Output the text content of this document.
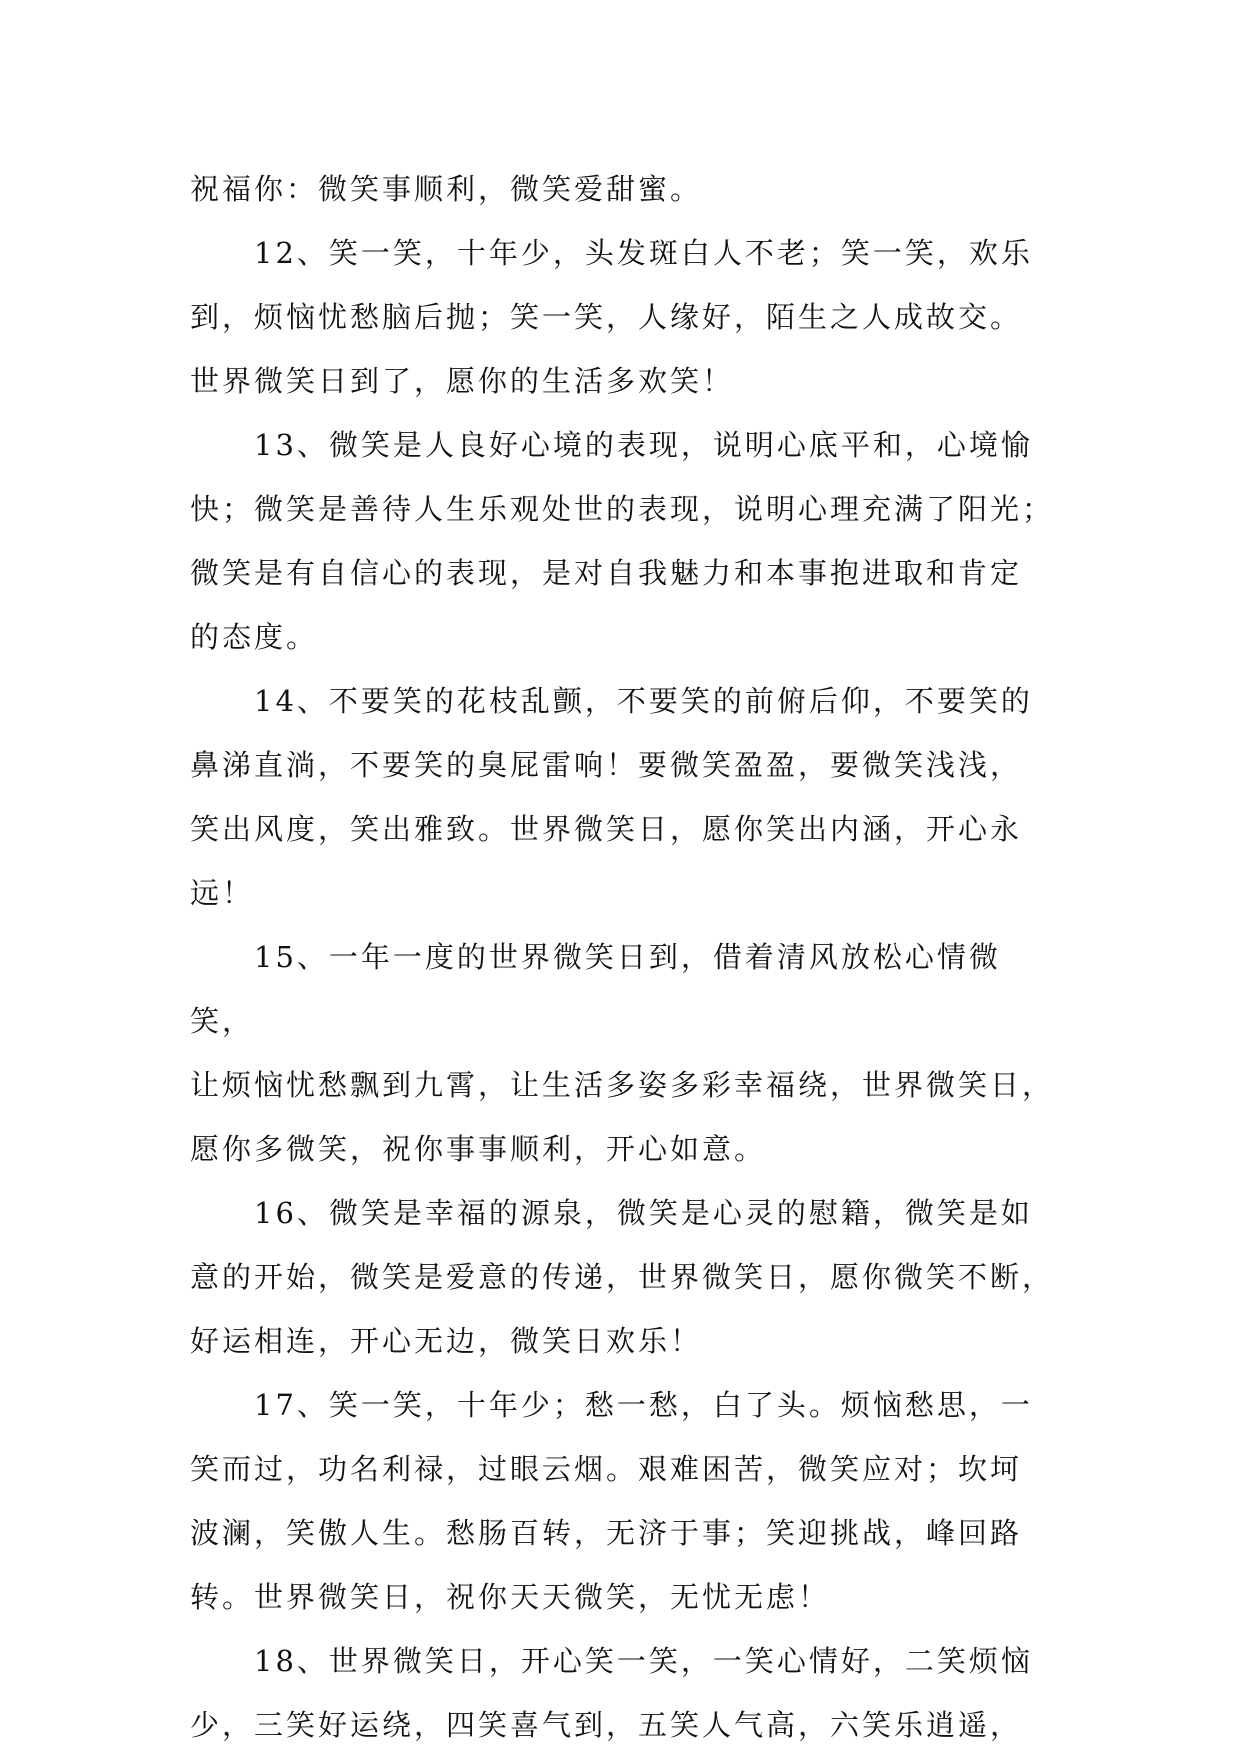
祝福你：微笑事顺利，微笑爱甜蜜。

12、笑一笑，十年少，头发斑白人不老；笑一笑，欢乐
到，烦恼忧愁脑后抛；笑一笑，人缘好，陌生之人成故交。
世界微笑日到了，愿你的生活多欢笑！

13、微笑是人良好心境的表现，说明心底平和，心境愉
快；微笑是善待人生乐观处世的表现，说明心理充满了阳光；
微笑是有自信心的表现，是对自我魅力和本事抱进取和肯定
的态度。

14、不要笑的花枝乱颤，不要笑的前俯后仰，不要笑的
鼻涕直淌，不要笑的臭屁雷响！要微笑盈盈，要微笑浅浅，
笑出风度，笑出雅致。世界微笑日，愿你笑出内涵，开心永
远！

15、一年一度的世界微笑日到，借着清风放松心情微笑，
让烦恼忧愁飘到九霄，让生活多姿多彩幸福绕，世界微笑日，
愿你多微笑，祝你事事顺利，开心如意。

16、微笑是幸福的源泉，微笑是心灵的慰籍，微笑是如
意的开始，微笑是爱意的传递，世界微笑日，愿你微笑不断，
好运相连，开心无边，微笑日欢乐！

17、笑一笑，十年少；愁一愁，白了头。烦恼愁思，一
笑而过，功名利禄，过眼云烟。艰难困苦，微笑应对；坎坷
波澜，笑傲人生。愁肠百转，无济于事；笑迎挑战，峰回路
转。世界微笑日，祝你天天微笑，无忧无虑！

18、世界微笑日，开心笑一笑，一笑心情好，二笑烦恼
少，三笑好运绕，四笑喜气到，五笑人气高，六笑乐逍遥，
